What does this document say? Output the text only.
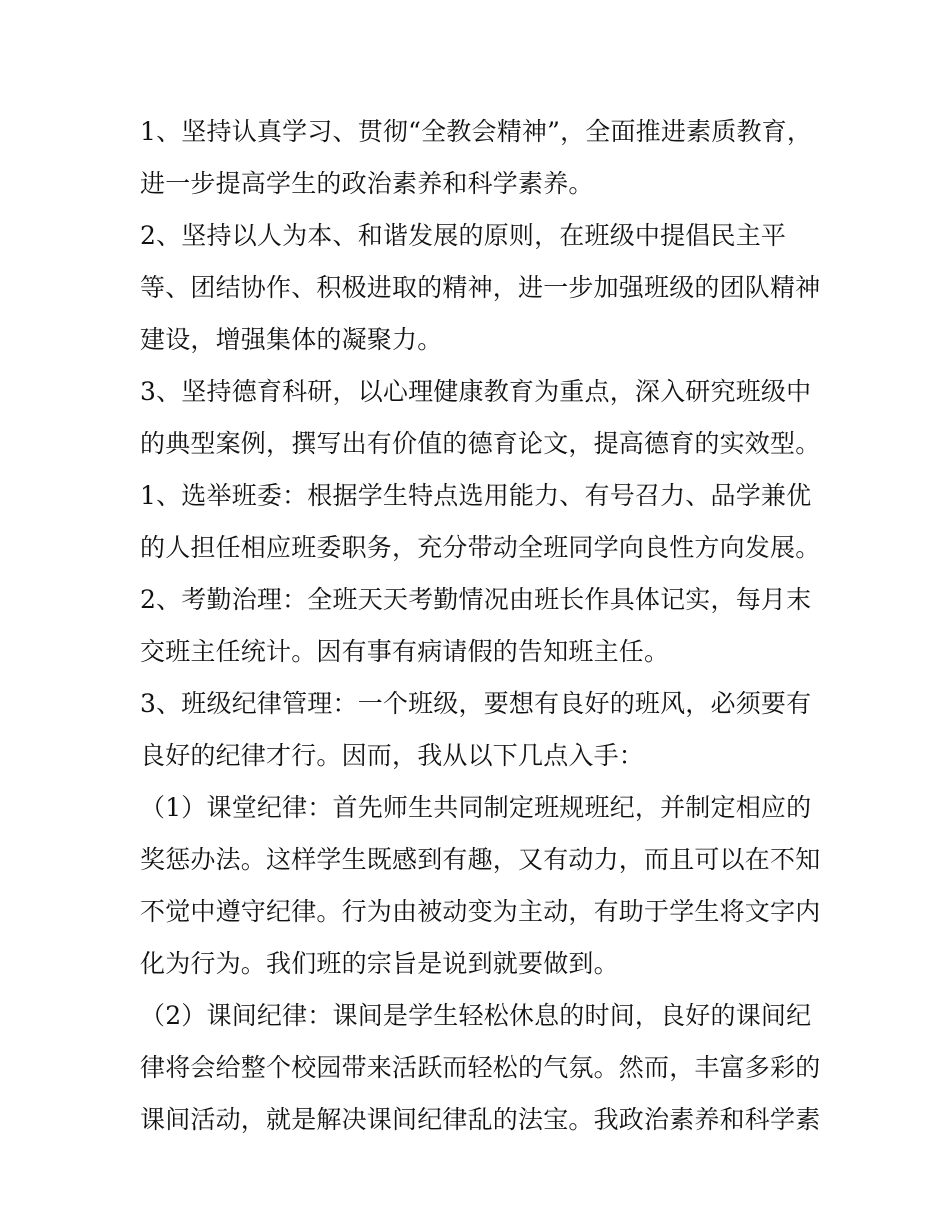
1、坚持认真学习、贯彻“全教会精神”，全面推进素质教育，
进一步提高学生的政治素养和科学素养。
2、坚持以人为本、和谐发展的原则，在班级中提倡民主平
等、团结协作、积极进取的精神，进一步加强班级的团队精神
建设，增强集体的凝聚力。
3、坚持德育科研，以心理健康教育为重点，深入研究班级中
的典型案例，撰写出有价值的德育论文，提高德育的实效型。
1、选举班委：根据学生特点选用能力、有号召力、品学兼优
的人担任相应班委职务，充分带动全班同学向良性方向发展。
2、考勤治理：全班天天考勤情况由班长作具体记实，每月末
交班主任统计。因有事有病请假的告知班主任。
3、班级纪律管理：一个班级，要想有良好的班风，必须要有
良好的纪律才行。因而，我从以下几点入手：
（1）课堂纪律：首先师生共同制定班规班纪，并制定相应的
奖惩办法。这样学生既感到有趣，又有动力，而且可以在不知
不觉中遵守纪律。行为由被动变为主动，有助于学生将文字内
化为行为。我们班的宗旨是说到就要做到。
（2）课间纪律：课间是学生轻松休息的时间，良好的课间纪
律将会给整个校园带来活跃而轻松的气氛。然而，丰富多彩的
课间活动，就是解决课间纪律乱的法宝。我政治素养和科学素
